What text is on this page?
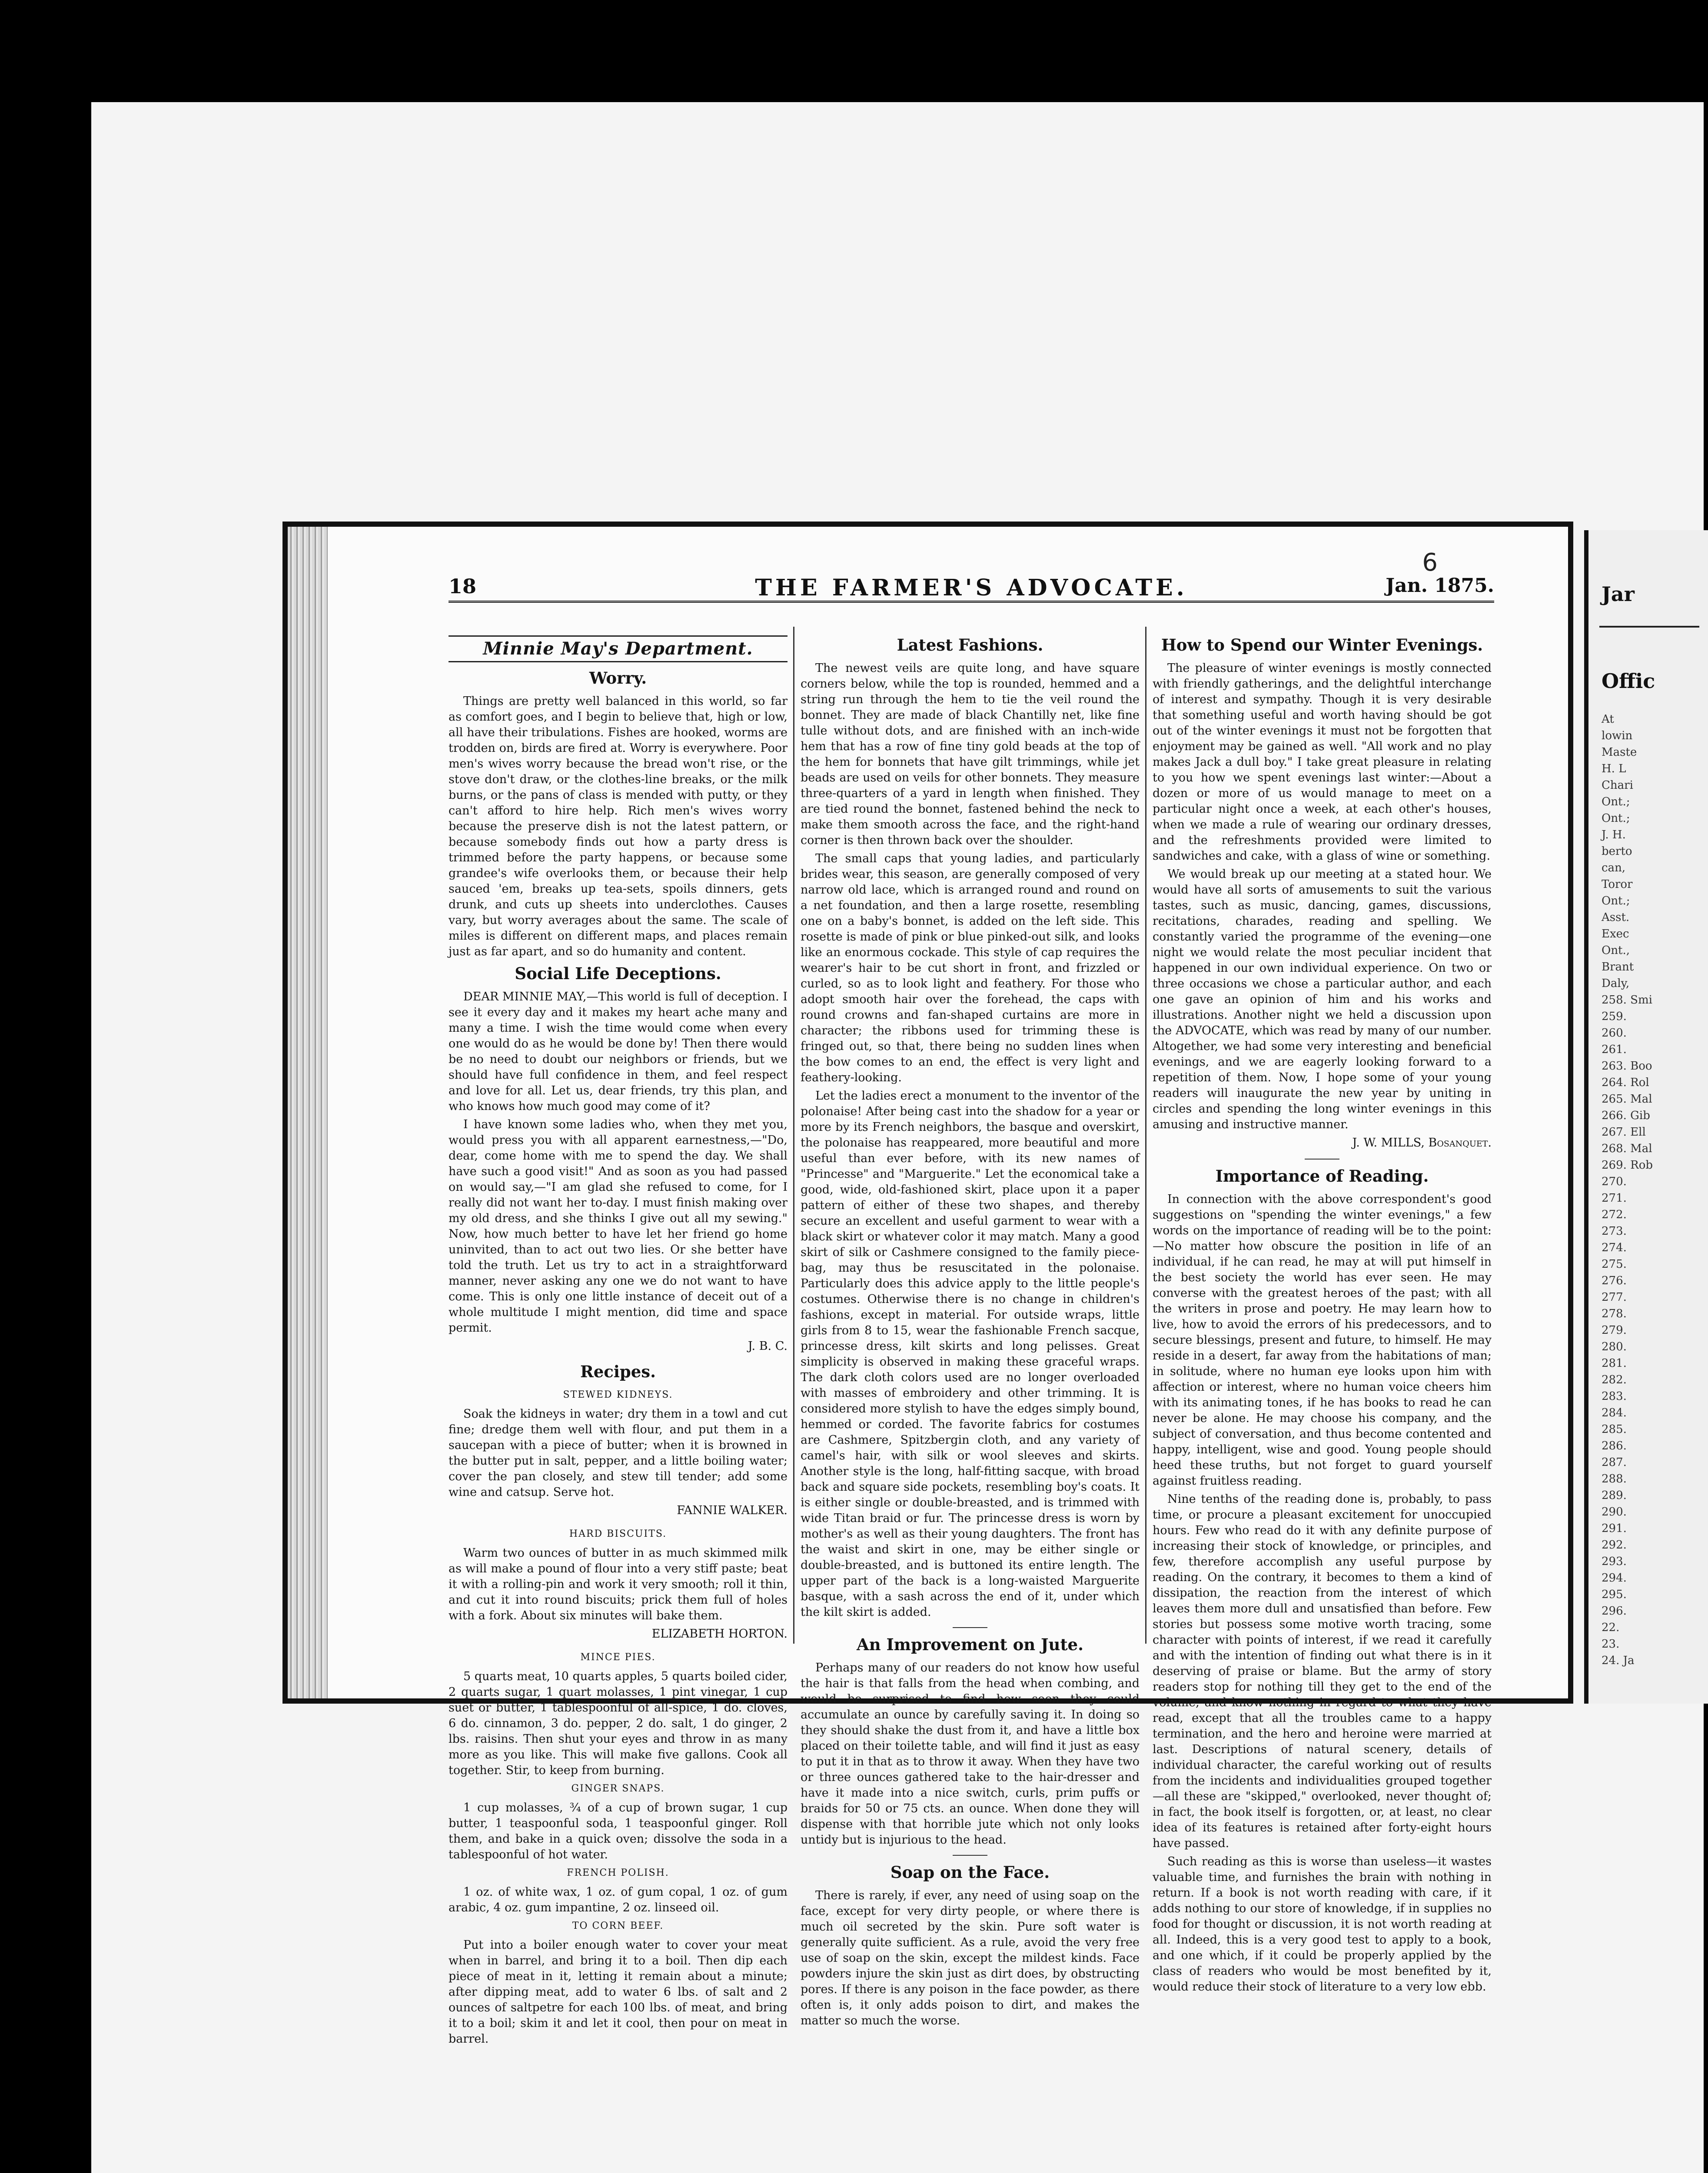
18	THE FARMER'S ADVOCATE.	Jan. 1875.
6
Minnie May's Department.
Worry.

Things are pretty well balanced in this world, so far as comfort goes, and I begin to believe that, high or low, all have their tribulations. Fishes are hooked, worms are trodden on, birds are fired at. Worry is everywhere. Poor men's wives worry because the bread won't rise, or the stove don't draw, or the clothes-line breaks, or the milk burns, or the pans of class is mended with putty, or they can't afford to hire help. Rich men's wives worry because the preserve dish is not the latest pattern, or because somebody finds out how a party dress is trimmed before the party happens, or because some grandee's wife overlooks them, or because their help sauced 'em, breaks up tea-sets, spoils dinners, gets drunk, and cuts up sheets into underclothes. Causes vary, but worry averages about the same. The scale of miles is different on different maps, and places remain just as far apart, and so do humanity and content.

Social Life Deceptions.

DEAR MINNIE MAY,—This world is full of deception. I see it every day and it makes my heart ache many and many a time. I wish the time would come when every one would do as he would be done by! Then there would be no need to doubt our neighbors or friends, but we should have full confidence in them, and feel respect and love for all. Let us, dear friends, try this plan, and who knows how much good may come of it?

I have known some ladies who, when they met you, would press you with all apparent earnestness,—"Do, dear, come home with me to spend the day. We shall have such a good visit!" And as soon as you had passed on would say,—"I am glad she refused to come, for I really did not want her to-day. I must finish making over my old dress, and she thinks I give out all my sewing." Now, how much better to have let her friend go home uninvited, than to act out two lies. Or she better have told the truth. Let us try to act in a straightforward manner, never asking any one we do not want to have come. This is only one little instance of deceit out of a whole multitude I might mention, did time and space permit.

J. B. C.
Recipes.
STEWED KIDNEYS.

Soak the kidneys in water; dry them in a towl and cut fine; dredge them well with flour, and put them in a saucepan with a piece of butter; when it is browned in the butter put in salt, pepper, and a little boiling water; cover the pan closely, and stew till tender; add some wine and catsup. Serve hot.

FANNIE WALKER.
HARD BISCUITS.

Warm two ounces of butter in as much skimmed milk as will make a pound of flour into a very stiff paste; beat it with a rolling-pin and work it very smooth; roll it thin, and cut it into round biscuits; prick them full of holes with a fork. About six minutes will bake them.

ELIZABETH HORTON.
MINCE PIES.

5 quarts meat, 10 quarts apples, 5 quarts boiled cider, 2 quarts sugar, 1 quart molasses, 1 pint vinegar, 1 cup suet or butter, 1 tablespoonful of all-spice, 1 do. cloves, 6 do. cinnamon, 3 do. pepper, 2 do. salt, 1 do ginger, 2 lbs. raisins. Then shut your eyes and throw in as many more as you like. This will make five gallons. Cook all together. Stir, to keep from burning.

GINGER SNAPS.

1 cup molasses, ¾ of a cup of brown sugar, 1 cup butter, 1 teaspoonful soda, 1 teaspoonful ginger. Roll them, and bake in a quick oven; dissolve the soda in a tablespoonful of hot water.

FRENCH POLISH.

1 oz. of white wax, 1 oz. of gum copal, 1 oz. of gum arabic, 4 oz. gum impantine, 2 oz. linseed oil.

TO CORN BEEF.

Put into a boiler enough water to cover your meat when in barrel, and bring it to a boil. Then dip each piece of meat in it, letting it remain about a minute; after dipping meat, add to water 6 lbs. of salt and 2 ounces of saltpetre for each 100 lbs. of meat, and bring it to a boil; skim it and let it cool, then pour on meat in barrel.

Latest Fashions.

The newest veils are quite long, and have square corners below, while the top is rounded, hemmed and a string run through the hem to tie the veil round the bonnet. They are made of black Chantilly net, like fine tulle without dots, and are finished with an inch-wide hem that has a row of fine tiny gold beads at the top of the hem for bonnets that have gilt trimmings, while jet beads are used on veils for other bonnets. They measure three-quarters of a yard in length when finished. They are tied round the bonnet, fastened behind the neck to make them smooth across the face, and the right-hand corner is then thrown back over the shoulder.

The small caps that young ladies, and particularly brides wear, this season, are generally composed of very narrow old lace, which is arranged round and round on a net foundation, and then a large rosette, resembling one on a baby's bonnet, is added on the left side. This rosette is made of pink or blue pinked-out silk, and looks like an enormous cockade. This style of cap requires the wearer's hair to be cut short in front, and frizzled or curled, so as to look light and feathery. For those who adopt smooth hair over the forehead, the caps with round crowns and fan-shaped curtains are more in character; the ribbons used for trimming these is fringed out, so that, there being no sudden lines when the bow comes to an end, the effect is very light and feathery-looking.

Let the ladies erect a monument to the inventor of the polonaise! After being cast into the shadow for a year or more by its French neighbors, the basque and overskirt, the polonaise has reappeared, more beautiful and more useful than ever before, with its new names of "Princesse" and "Marguerite." Let the economical take a good, wide, old-fashioned skirt, place upon it a paper pattern of either of these two shapes, and thereby secure an excellent and useful garment to wear with a black skirt or whatever color it may match. Many a good skirt of silk or Cashmere consigned to the family piece-bag, may thus be resuscitated in the polonaise. Particularly does this advice apply to the little people's costumes. Otherwise there is no change in children's fashions, except in material. For outside wraps, little girls from 8 to 15, wear the fashionable French sacque, princesse dress, kilt skirts and long pelisses. Great simplicity is observed in making these graceful wraps. The dark cloth colors used are no longer overloaded with masses of embroidery and other trimming. It is considered more stylish to have the edges simply bound, hemmed or corded. The favorite fabrics for costumes are Cashmere, Spitzbergin cloth, and any variety of camel's hair, with silk or wool sleeves and skirts. Another style is the long, half-fitting sacque, with broad back and square side pockets, resembling boy's coats. It is either single or double-breasted, and is trimmed with wide Titan braid or fur. The princesse dress is worn by mother's as well as their young daughters. The front has the waist and skirt in one, may be either single or double-breasted, and is buttoned its entire length. The upper part of the back is a long-waisted Marguerite basque, with a sash across the end of it, under which the kilt skirt is added.

An Improvement on Jute.

Perhaps many of our readers do not know how useful the hair is that falls from the head when combing, and would be surprised to find how soon they could accumulate an ounce by carefully saving it. In doing so they should shake the dust from it, and have a little box placed on their toilette table, and will find it just as easy to put it in that as to throw it away. When they have two or three ounces gathered take to the hair-dresser and have it made into a nice switch, curls, prim puffs or braids for 50 or 75 cts. an ounce. When done they will dispense with that horrible jute which not only looks untidy but is injurious to the head.

Soap on the Face.

There is rarely, if ever, any need of using soap on the face, except for very dirty people, or where there is much oil secreted by the skin. Pure soft water is generally quite sufficient. As a rule, avoid the very free use of soap on the skin, except the mildest kinds. Face powders injure the skin just as dirt does, by obstructing pores. If there is any poison in the face powder, as there often is, it only adds poison to dirt, and makes the matter so much the worse.

How to Spend our Winter Evenings.

The pleasure of winter evenings is mostly connected with friendly gatherings, and the delightful interchange of interest and sympathy. Though it is very desirable that something useful and worth having should be got out of the winter evenings it must not be forgotten that enjoyment may be gained as well. "All work and no play makes Jack a dull boy." I take great pleasure in relating to you how we spent evenings last winter:—About a dozen or more of us would manage to meet on a particular night once a week, at each other's houses, when we made a rule of wearing our ordinary dresses, and the refreshments provided were limited to sandwiches and cake, with a glass of wine or something.

We would break up our meeting at a stated hour. We would have all sorts of amusements to suit the various tastes, such as music, dancing, games, discussions, recitations, charades, reading and spelling. We constantly varied the programme of the evening—one night we would relate the most peculiar incident that happened in our own individual experience. On two or three occasions we chose a particular author, and each one gave an opinion of him and his works and illustrations. Another night we held a discussion upon the ADVOCATE, which was read by many of our number. Altogether, we had some very interesting and beneficial evenings, and we are eagerly looking forward to a repetition of them. Now, I hope some of your young readers will inaugurate the new year by uniting in circles and spending the long winter evenings in this amusing and instructive manner.

J. W. MILLS, Bosanquet.
Importance of Reading.

In connection with the above correspondent's good suggestions on "spending the winter evenings," a few words on the importance of reading will be to the point:—No matter how obscure the position in life of an individual, if he can read, he may at will put himself in the best society the world has ever seen. He may converse with the greatest heroes of the past; with all the writers in prose and poetry. He may learn how to live, how to avoid the errors of his predecessors, and to secure blessings, present and future, to himself. He may reside in a desert, far away from the habitations of man; in solitude, where no human eye looks upon him with affection or interest, where no human voice cheers him with its animating tones, if he has books to read he can never be alone. He may choose his company, and the subject of conversation, and thus become contented and happy, intelligent, wise and good. Young people should heed these truths, but not forget to guard yourself against fruitless reading.

Nine tenths of the reading done is, probably, to pass time, or procure a pleasant excitement for unoccupied hours. Few who read do it with any definite purpose of increasing their stock of knowledge, or principles, and few, therefore accomplish any useful purpose by reading. On the contrary, it becomes to them a kind of dissipation, the reaction from the interest of which leaves them more dull and unsatisfied than before. Few stories but possess some motive worth tracing, some character with points of interest, if we read it carefully and with the intention of finding out what there is in it deserving of praise or blame. But the army of story readers stop for nothing till they get to the end of the volume, and know nothing in regard to what they have read, except that all the troubles came to a happy termination, and the hero and heroine were married at last. Descriptions of natural scenery, details of individual character, the careful working out of results from the incidents and individualities grouped together—all these are "skipped," overlooked, never thought of; in fact, the book itself is forgotten, or, at least, no clear idea of its features is retained after forty-eight hours have passed.

Such reading as this is worse than useless—it wastes valuable time, and furnishes the brain with nothing in return. If a book is not worth reading with care, if it adds nothing to our store of knowledge, if in supplies no food for thought or discussion, it is not worth reading at all. Indeed, this is a very good test to apply to a book, and one which, if it could be properly applied by the class of readers who would be most benefited by it, would reduce their stock of literature to a very low ebb.

Jar
Offic
At
lowin
Maste
H. L
Chari
Ont.;
Ont.;
J. H.
berto
can,
Toror
Ont.;
Asst.
Exec
Ont.,
Brant
Daly,
258. Smi
259.
260.
261.
263. Boo
264. Rol
265. Mal
266. Gib
267. Ell
268. Mal
269. Rob
270.
271.
272.
273.
274.
275.
276.
277.
278.
279.
280.
281.
282.
283.
284.
285.
286.
287.
288.
289.
290.
291.
292.
293.
294.
295.
296.
22.
23.
24. Ja
